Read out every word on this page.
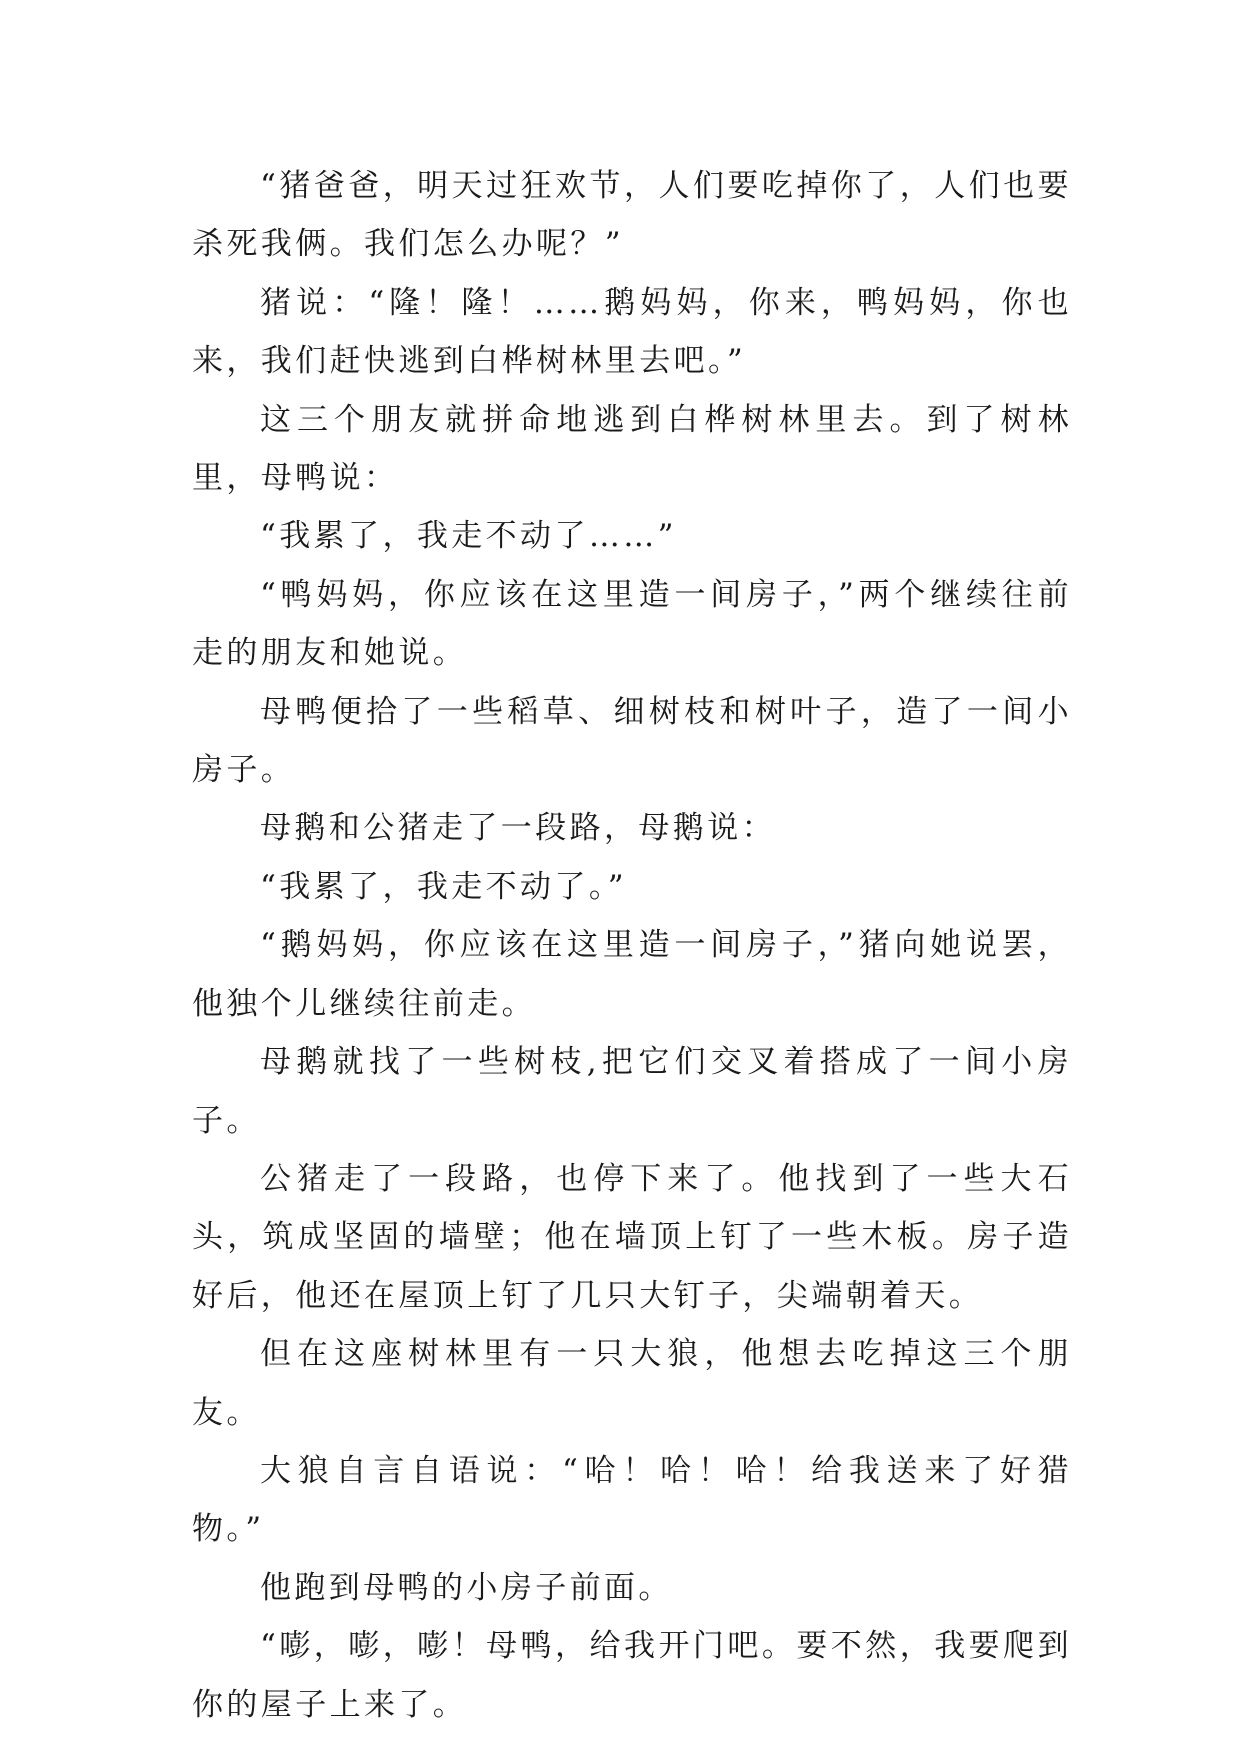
“猪爸爸，明天过狂欢节，人们要吃掉你了，人们也要杀死我俩。我们怎么办呢？”

猪说：“隆！隆！……鹅妈妈，你来，鸭妈妈，你也来，我们赶快逃到白桦树林里去吧。”

这三个朋友就拼命地逃到白桦树林里去。到了树林里，母鸭说：

“我累了，我走不动了……”

“鸭妈妈，你应该在这里造一间房子，”两个继续往前走的朋友和她说。

母鸭便拾了一些稻草、细树枝和树叶子，造了一间小房子。

母鹅和公猪走了一段路，母鹅说：

“我累了，我走不动了。”

“鹅妈妈，你应该在这里造一间房子，”猪向她说罢，他独个儿继续往前走。

母鹅就找了一些树枝,把它们交叉着搭成了一间小房子。

公猪走了一段路，也停下来了。他找到了一些大石头，筑成坚固的墙壁；他在墙顶上钉了一些木板。房子造好后，他还在屋顶上钉了几只大钉子，尖端朝着天。

但在这座树林里有一只大狼，他想去吃掉这三个朋友。

大狼自言自语说：“哈！哈！哈！给我送来了好猎物。”

他跑到母鸭的小房子前面。

“嘭，嘭，嘭！母鸭，给我开门吧。要不然，我要爬到你的屋子上来了。
